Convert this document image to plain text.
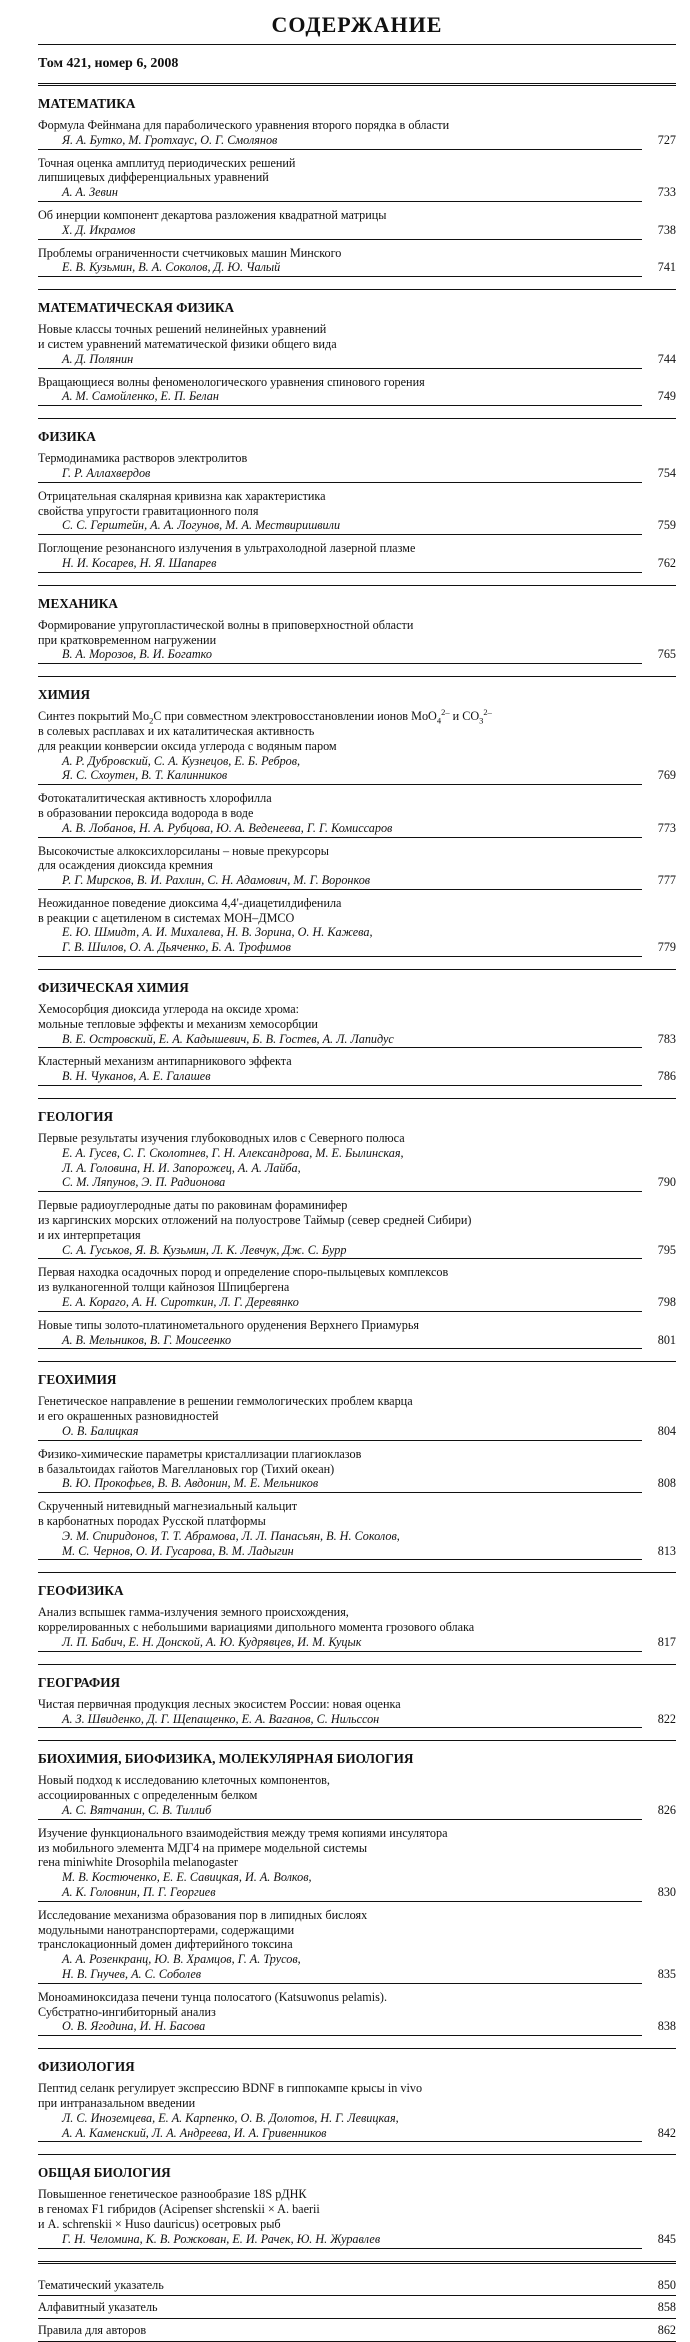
СОДЕРЖАНИЕ
Том 421, номер 6, 2008
МАТЕМАТИКА
Формула Фейнмана для параболического уравнения второго порядка в области
Я. А. Бутко, М. Гротхаус, О. Г. Смолянов	727
Точная оценка амплитуд периодических решений
липшицевых дифференциальных уравнений
А. А. Зевин	733
Об инерции компонент декартова разложения квадратной матрицы
Х. Д. Икрамов	738
Проблемы ограниченности счетчиковых машин Минского
Е. В. Кузьмин, В. А. Соколов, Д. Ю. Чалый	741
МАТЕМАТИЧЕСКАЯ ФИЗИКА
Новые классы точных решений нелинейных уравнений
и систем уравнений математической физики общего вида
А. Д. Полянин	744
Вращающиеся волны феноменологического уравнения спинового горения
А. М. Самойленко, Е. П. Белан	749
ФИЗИКА
Термодинамика растворов электролитов
Г. Р. Аллахвердов	754
Отрицательная скалярная кривизна как характеристика
свойства упругости гравитационного поля
С. С. Герштейн, А. А. Логунов, М. А. Мествиришвили	759
Поглощение резонансного излучения в ультрахолодной лазерной плазме
Н. И. Косарев, Н. Я. Шапарев	762
МЕХАНИКА
Формирование упругопластической волны в приповерхностной области
при кратковременном нагружении
В. А. Морозов, В. И. Богатко	765
ХИМИЯ
Синтез покрытий $Mo_2C$ при совместном электровосстановлении ионов MoO$_4^{2-}$ и $CO_3^{2-}$
в солевых расплавах и их каталитическая активность
для реакции конверсии оксида углерода с водяным паром
А. Р. Дубровский, С. А. Кузнецов, Е. Б. Ребров,
Я. С. Схоутен, В. Т. Калинников	769
Фотокаталитическая активность хлорофилла
в образовании пероксида водорода в воде
А. В. Лобанов, Н. А. Рубцова, Ю. А. Веденеева, Г. Г. Комиссаров	773
Высокочистые алкоксихлорсиланы – новые прекурсоры
для осаждения диоксида кремния
Р. Г. Мирсков, В. И. Рахлин, С. Н. Адамович, М. Г. Воронков	777
Неожиданное поведение диоксима 4,4'-диацетилдифенила
в реакции с ацетиленом в системах МОН–ДМСО
Е. Ю. Шмидт, А. И. Михалева, Н. В. Зорина, О. Н. Кажева,
Г. В. Шилов, О. А. Дьяченко, Б. А. Трофимов	779
ФИЗИЧЕСКАЯ ХИМИЯ
Хемосорбция диоксида углерода на оксиде хрома:
мольные тепловые эффекты и механизм хемосорбции
В. Е. Островский, Е. А. Кадышевич, Б. В. Гостев, А. Л. Лапидус	783
Кластерный механизм антипарникового эффекта
В. Н. Чуканов, А. Е. Галашев	786
ГЕОЛОГИЯ
Первые результаты изучения глубоководных илов с Северного полюса
Е. А. Гусев, С. Г. Сколотнев, Г. Н. Александрова, М. Е. Былинская,
Л. А. Головина, Н. И. Запорожец, А. А. Лайба,
С. М. Ляпунов, Э. П. Радионова	790
Первые радиоуглеродные даты по раковинам фораминифер
из каргинских морских отложений на полуострове Таймыр (север средней Сибири)
и их интерпретация
С. А. Гуськов, Я. В. Кузьмин, Л. К. Левчук, Дж. С. Бурр	795
Первая находка осадочных пород и определение споро-пыльцевых комплексов
из вулканогенной толщи кайнозоя Шпицбергена
Е. А. Корагo, А. Н. Сироткин, Л. Г. Деревянко	798
Новые типы золото-платинометального оруденения Верхнего Приамурья
А. В. Мельников, В. Г. Моисеенко	801
ГЕОХИМИЯ
Генетическое направление в решении геммологических проблем кварца
и его окрашенных разновидностей
О. В. Балицкая	804
Физико-химические параметры кристаллизации плагиоклазов
в базальтоидах гайотов Магеллановых гор (Тихий океан)
В. Ю. Прокофьев, В. В. Авдонин, М. Е. Мельников	808
Скрученный нитевидный магнезиальный кальцит
в карбонатных породах Русской платформы
Э. М. Спиридонов, Т. Т. Абрамова, Л. Л. Панасьян, В. Н. Соколов,
М. С. Чернов, О. И. Гусарова, В. М. Ладыгин	813
ГЕОФИЗИКА
Анализ вспышек гамма-излучения земного происхождения,
коррелированных с небольшими вариациями дипольного момента грозового облака
Л. П. Бабич, Е. Н. Донской, А. Ю. Кудрявцев, И. М. Куцык	817
ГЕОГРАФИЯ
Чистая первичная продукция лесных экосистем России: новая оценка
А. З. Швиденко, Д. Г. Щепащенко, Е. А. Ваганов, С. Нильссон	822
БИОХИМИЯ, БИОФИЗИКА, МОЛЕКУЛЯРНАЯ БИОЛОГИЯ
Новый подход к исследованию клеточных компонентов,
ассоциированных с определенным белком
А. С. Вятчанин, С. В. Тиллиб	826
Изучение функционального взаимодействия между тремя копиями инсулятора
из мобильного элемента МДГ4 на примере модельной системы
гена miniwhite Drosophila melanogaster
М. В. Костюченко, Е. Е. Савицкая, И. А. Волков,
А. К. Головнин, П. Г. Георгиев	830
Исследование механизма образования пор в липидных бислоях
модульными нанотранспортерами, содержащими
транслокационный домен дифтерийного токсина
А. А. Розенкранц, Ю. В. Храмцов, Г. А. Трусов,
Н. В. Гнучев, А. С. Соболев	835
Моноаминоксидаза печени тунца полосатого (Katsuwonus pelamis).
Субстратно-ингибиторный анализ
О. В. Ягодина, И. Н. Басова	838
ФИЗИОЛОГИЯ
Пептид селанк регулирует экспрессию BDNF в гиппокампе крысы in vivo
при интраназальном введении
Л. С. Иноземцева, Е. А. Карпенко, О. В. Долотов, Н. Г. Левицкая,
А. А. Каменский, Л. А. Андреева, И. А. Гривенников	842
ОБЩАЯ БИОЛОГИЯ
Повышенное генетическое разнообразие 18S рДНК
в геномах F1 гибридов (Acipenser shcrenskii × A. baerii
и A. schrenskii × Huso dauricus) осетровых рыб
Г. Н. Челомина, К. В. Рожкован, Е. И. Рачек, Ю. Н. Журавлев	845
Тематический указатель	850
Алфавитный указатель	858
Правила для авторов	862
